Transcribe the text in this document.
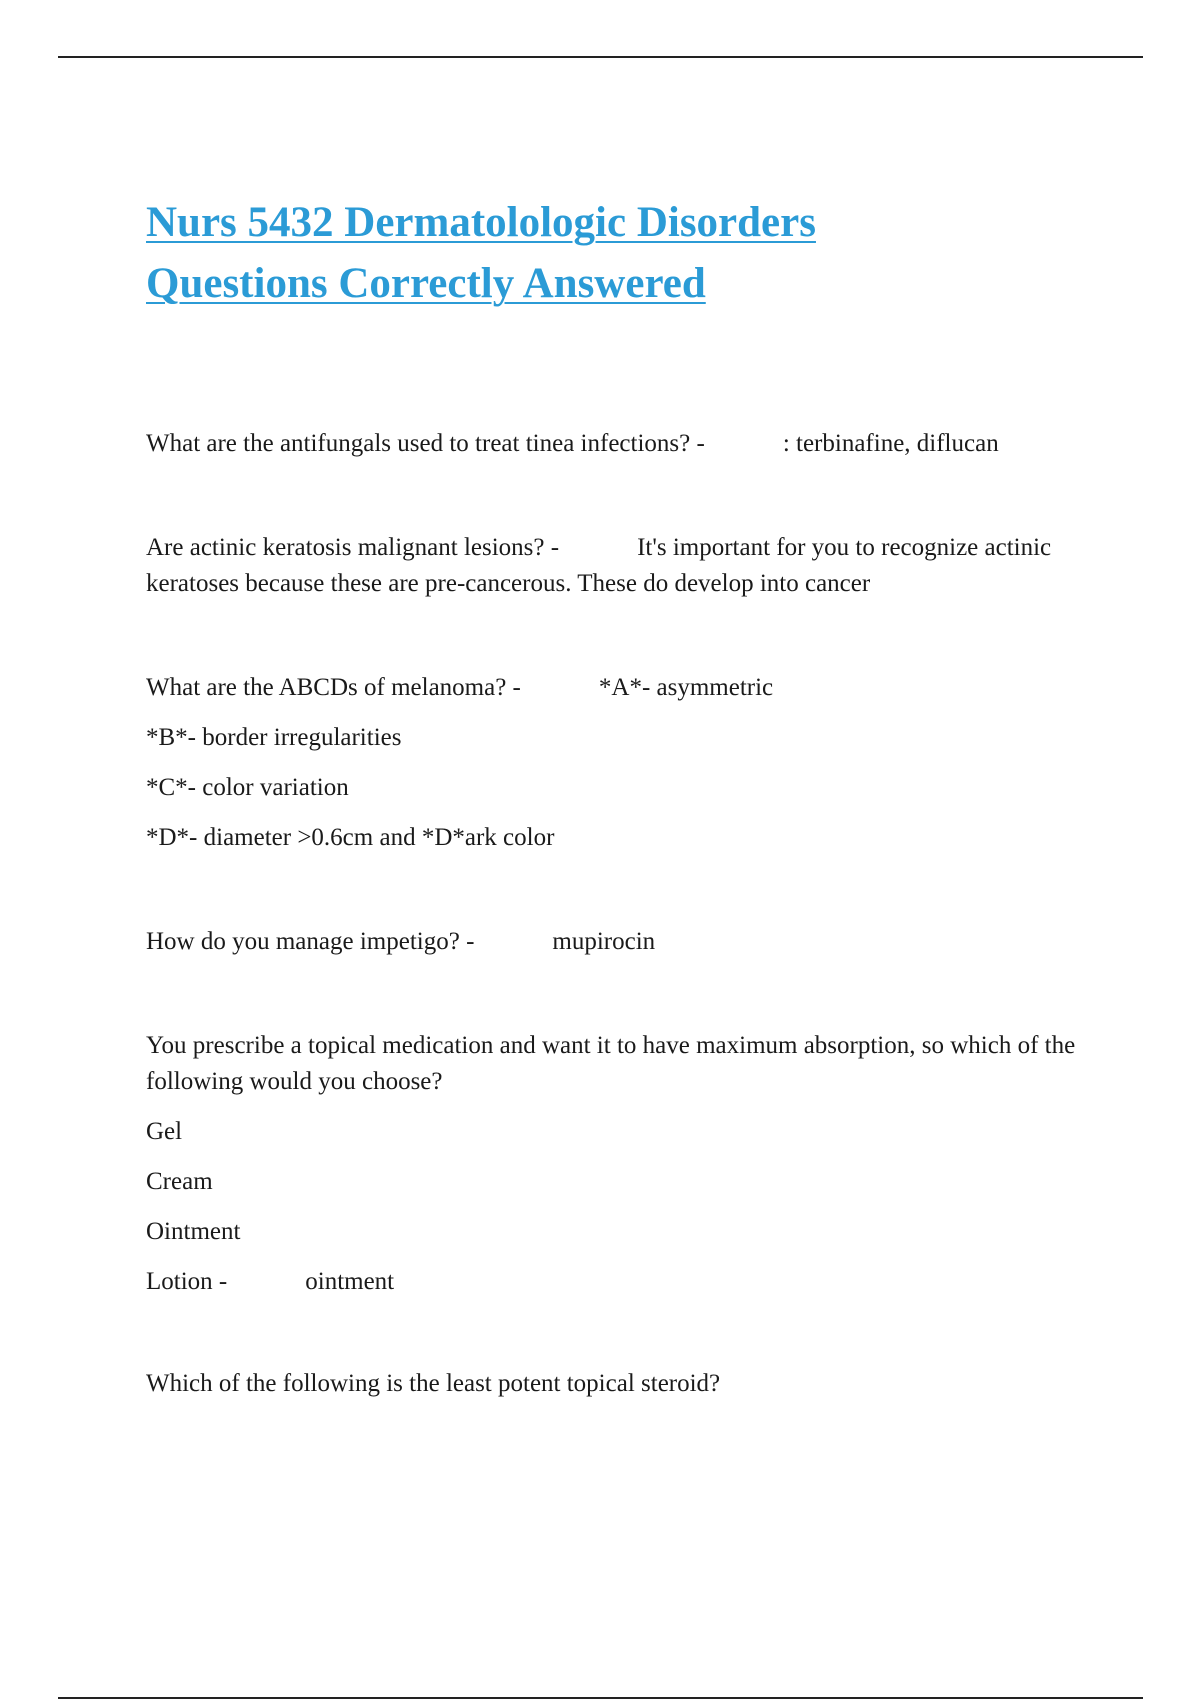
Nurs 5432 Dermatolologic Disorders
Questions Correctly Answered

What are the antifungals used to treat tinea infections? -	: terbinafine, diflucan

Are actinic keratosis malignant lesions? -	It's important for you to recognize actinic keratoses because these are pre-cancerous. These do develop into cancer

What are the ABCDs of melanoma? -	*A*- asymmetric

*B*- border irregularities

*C*- color variation

*D*- diameter >0.6cm and *D*ark color

How do you manage impetigo? -	mupirocin

You prescribe a topical medication and want it to have maximum absorption, so which of the following would you choose?

Gel

Cream

Ointment

Lotion -	ointment

Which of the following is the least potent topical steroid?
